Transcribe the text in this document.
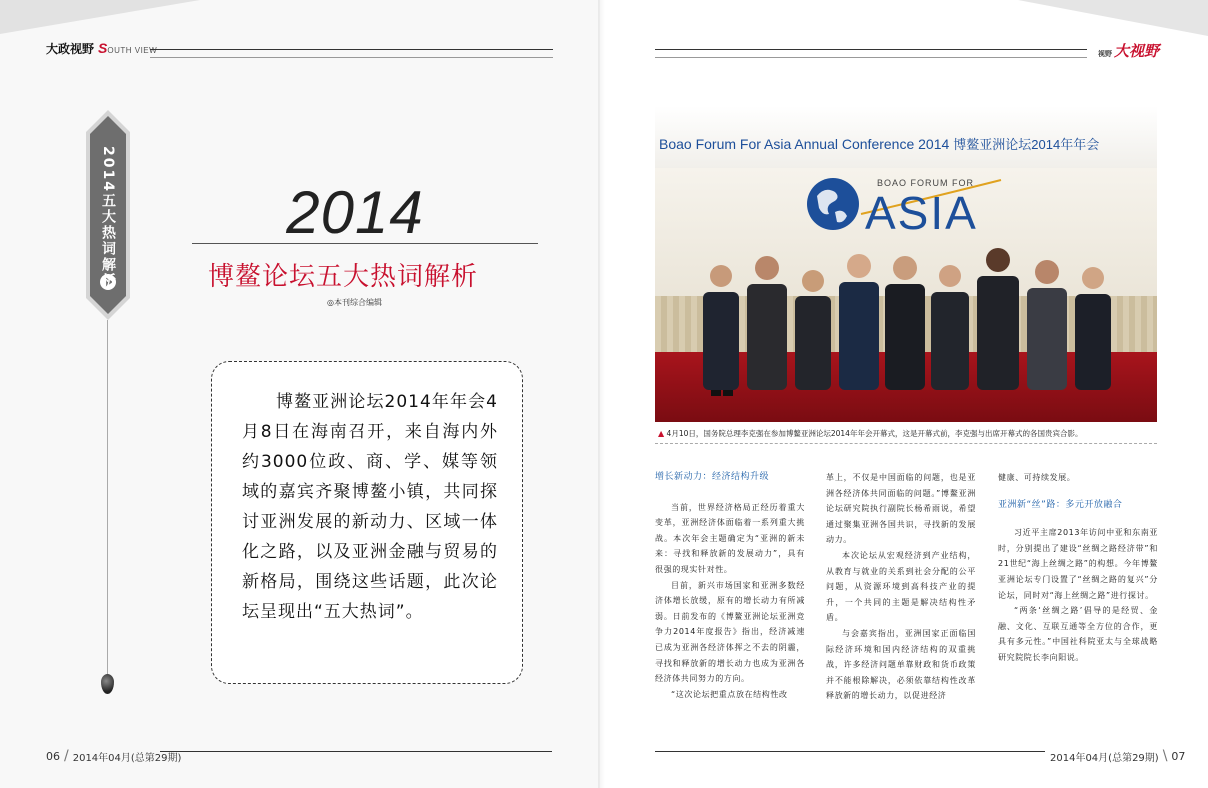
大政视野 S OUTH VIEW	视野 大视野
2014五大热词解析	2014
博鳌论坛五大热词解析
◎本刊综合编辑
博鳌亚洲论坛2014年年会4月8日在海南召开，来自海内外约3000位政、商、学、媒等领域的嘉宾齐聚博鳌小镇，共同探讨亚洲发展的新动力、区域一体化之路，以及亚洲金融与贸易的新格局，围绕这些话题，此次论坛呈现出“五大热词”。
06 / 2014年04月(总第29期)	2014年04月(总第29期) \ 07
Boao Forum For Asia Annual Conference 2014 博鳌亚洲论坛2014年年会
BOAO FORUM FOR
ASIA
▲ 4月10日，国务院总理李克强在参加博鳌亚洲论坛2014年年会开幕式，这是开幕式前，李克强与出席开幕式的各国贵宾合影。

增长新动力：经济结构升级

当前，世界经济格局正经历着重大变革，亚洲经济体面临着一系列重大挑战。本次年会主题确定为“亚洲的新未来：寻找和释放新的发展动力”，具有很强的现实针对性。

目前，新兴市场国家和亚洲多数经济体增长放缓，原有的增长动力有所减弱。日前发布的《博鳌亚洲论坛亚洲竞争力2014年度报告》指出，经济减速已成为亚洲各经济体挥之不去的阴霾，寻找和释放新的增长动力也成为亚洲各经济体共同努力的方向。

“这次论坛把重点放在结构性改

革上，不仅是中国面临的问题，也是亚洲各经济体共同面临的问题。”博鳌亚洲论坛研究院执行副院长杨希雨说，希望通过聚集亚洲各国共识，寻找新的发展动力。

本次论坛从宏观经济到产业结构，从教育与就业的关系到社会分配的公平问题，从资源环境到高科技产业的提升，一个共同的主题是解决结构性矛盾。

与会嘉宾指出，亚洲国家正面临国际经济环境和国内经济结构的双重挑战，许多经济问题单靠财政和货币政策并不能根除解决，必须依靠结构性改革释放新的增长动力，以促进经济

健康、可持续发展。

亚洲新“丝”路：多元开放融合

习近平主席2013年访问中亚和东南亚时，分别提出了建设“丝绸之路经济带”和21世纪“海上丝绸之路”的构想。今年博鳌亚洲论坛专门设置了“丝绸之路的复兴”分论坛，同时对“海上丝绸之路”进行探讨。

“两条‘丝绸之路’倡导的是经贸、金融、文化、互联互通等全方位的合作，更具有多元性。”中国社科院亚太与全球战略研究院院长李向阳说。
